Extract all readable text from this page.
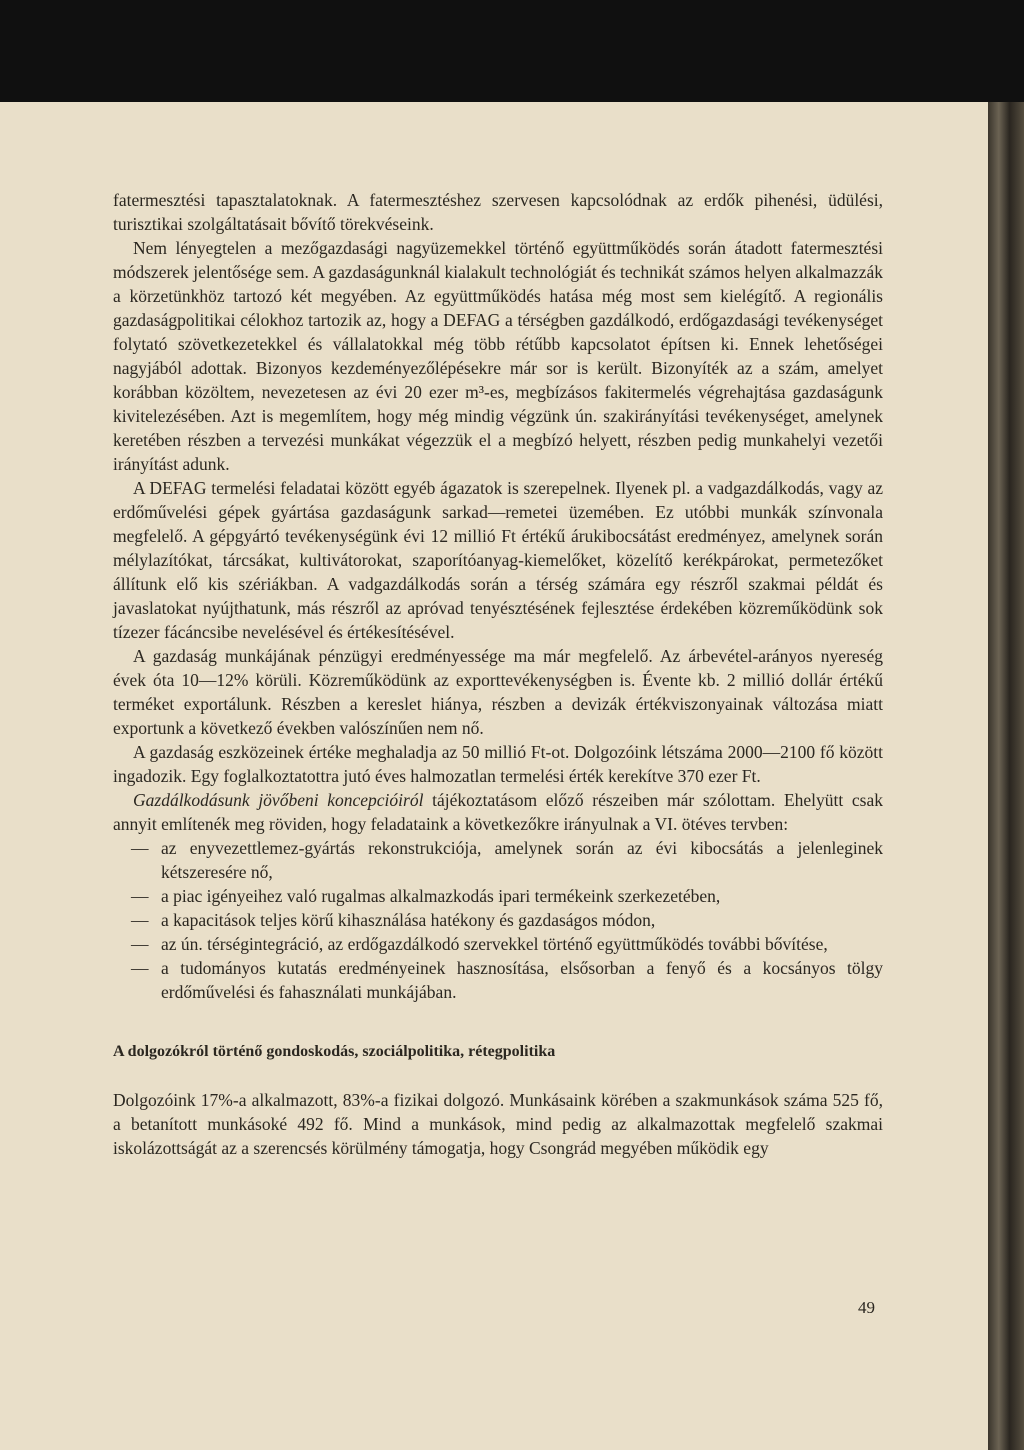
fatermesztési tapasztalatoknak. A fatermesztéshez szervesen kapcsolódnak az erdők pihenési, üdülési, turisztikai szolgáltatásait bővítő törekvéseink.

Nem lényegtelen a mezőgazdasági nagyüzemekkel történő együttműködés során átadott fatermesztési módszerek jelentősége sem. A gazdaságunknál kialakult technológiát és technikát számos helyen alkalmazzák a körzetünkhöz tartozó két megyében. Az együttműködés hatása még most sem kielégítő. A regionális gazdaságpolitikai célokhoz tartozik az, hogy a DEFAG a térségben gazdálkodó, erdőgazdasági tevékenységet folytató szövetkezetekkel és vállalatokkal még több rétűbb kapcsolatot építsen ki. Ennek lehetőségei nagyjából adottak. Bizonyos kezdeményezőlépésekre már sor is került. Bizonyíték az a szám, amelyet korábban közöltem, nevezetesen az évi 20 ezer m³-es, megbízásos fakitermelés végrehajtása gazdaságunk kivitelezésében. Azt is megemlítem, hogy még mindig végzünk ún. szakirányítási tevékenységet, amelynek keretében részben a tervezési munkákat végezzük el a megbízó helyett, részben pedig munkahelyi vezetői irányítást adunk.

A DEFAG termelési feladatai között egyéb ágazatok is szerepelnek. Ilyenek pl. a vadgazdálkodás, vagy az erdőművelési gépek gyártása gazdaságunk sarkad—remetei üzemében. Ez utóbbi munkák színvonala megfelelő. A gépgyártó tevékenységünk évi 12 millió Ft értékű árukibocsátást eredményez, amelynek során mélylazítókat, tárcsákat, kultivátorokat, szaporítóanyag-kiemelőket, közelítő kerékpárokat, permetezőket állítunk elő kis szériákban. A vadgazdálkodás során a térség számára egy részről szakmai példát és javaslatokat nyújthatunk, más részről az apróvad tenyésztésének fejlesztése érdekében közreműködünk sok tízezer fácáncsibe nevelésével és értékesítésével.

A gazdaság munkájának pénzügyi eredményessége ma már megfelelő. Az árbevétel-arányos nyereség évek óta 10—12% körüli. Közreműködünk az exporttevékenységben is. Évente kb. 2 millió dollár értékű terméket exportálunk. Részben a kereslet hiánya, részben a devizák értékviszonyainak változása miatt exportunk a következő években valószínűen nem nő.

A gazdaság eszközeinek értéke meghaladja az 50 millió Ft-ot. Dolgozóink létszáma 2000—2100 fő között ingadozik. Egy foglalkoztatottra jutó éves halmozatlan termelési érték kerekítve 370 ezer Ft.

Gazdálkodásunk jövőbeni koncepcióiról tájékoztatásom előző részeiben már szólottam. Ehelyütt csak annyit említenék meg röviden, hogy feladataink a következőkre irányulnak a VI. ötéves tervben:

— az enyvezettlemez-gyártás rekonstrukciója, amelynek során az évi kibocsátás a jelenleginek kétszeresére nő,
— a piac igényeihez való rugalmas alkalmazkodás ipari termékeink szerkezetében,
— a kapacitások teljes körű kihasználása hatékony és gazdaságos módon,
— az ún. térségintegráció, az erdőgazdálkodó szervekkel történő együttműködés további bővítése,
— a tudományos kutatás eredményeinek hasznosítása, elsősorban a fenyő és a kocsányos tölgy erdőművelési és fahasználati munkájában.
A dolgozókról történő gondoskodás, szociálpolitika, rétegpolitika

Dolgozóink 17%-a alkalmazott, 83%-a fizikai dolgozó. Munkásaink körében a szakmunkások száma 525 fő, a betanított munkásoké 492 fő. Mind a munkások, mind pedig az alkalmazottak megfelelő szakmai iskolázottságát az a szerencsés körülmény támogatja, hogy Csongrád megyében működik egy

49
